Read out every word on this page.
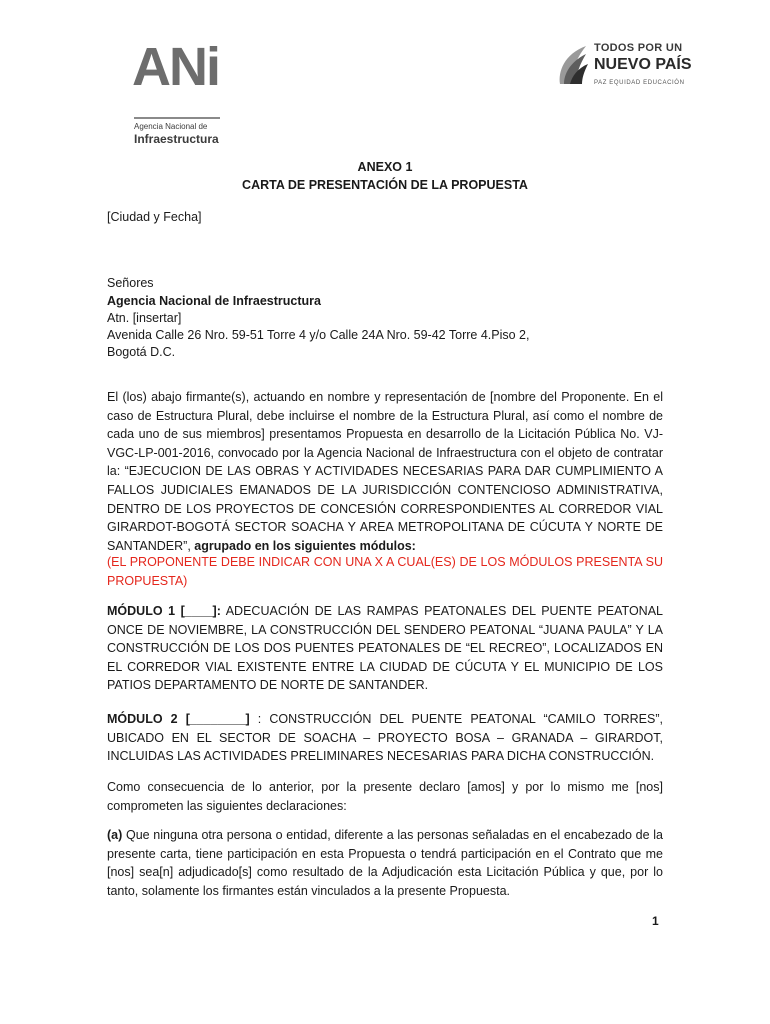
ANi
Agencia Nacional de
Infraestructura
TODOS POR UN
NUEVO PAÍS
PAZ EQUIDAD EDUCACIÓN
ANEXO 1
CARTA DE PRESENTACIÓN DE LA PROPUESTA
[Ciudad y Fecha]
Señores
Agencia Nacional de Infraestructura
Atn. [insertar]
Avenida Calle 26 Nro. 59-51 Torre 4 y/o Calle 24A Nro. 59-42 Torre 4.Piso 2,
Bogotá D.C.
El (los) abajo firmante(s), actuando en nombre y representación de [nombre del Proponente. En el caso de Estructura Plural, debe incluirse el nombre de la Estructura Plural, así como el nombre de cada uno de sus miembros] presentamos Propuesta en desarrollo de la Licitación Pública No. VJ-VGC-LP-001-2016, convocado por la Agencia Nacional de Infraestructura con el objeto de contratar la: “EJECUCION DE LAS OBRAS Y ACTIVIDADES NECESARIAS PARA DAR CUMPLIMIENTO A FALLOS JUDICIALES EMANADOS DE LA JURISDICCIÓN CONTENCIOSO ADMINISTRATIVA, DENTRO DE LOS PROYECTOS DE CONCESIÓN CORRESPONDIENTES AL CORREDOR VIAL GIRARDOT-BOGOTÁ SECTOR SOACHA Y AREA METROPOLITANA DE CÚCUTA Y NORTE DE SANTANDER”, agrupado en los siguientes módulos:
(EL PROPONENTE DEBE INDICAR CON UNA X A CUAL(ES) DE LOS MÓDULOS PRESENTA SU PROPUESTA)
MÓDULO 1 [____]: ADECUACIÓN DE LAS RAMPAS PEATONALES DEL PUENTE PEATONAL ONCE DE NOVIEMBRE, LA CONSTRUCCIÓN DEL SENDERO PEATONAL “JUANA PAULA” Y LA CONSTRUCCIÓN DE LOS DOS PUENTES PEATONALES DE “EL RECREO”, LOCALIZADOS EN EL CORREDOR VIAL EXISTENTE ENTRE LA CIUDAD DE CÚCUTA Y EL MUNICIPIO DE LOS PATIOS DEPARTAMENTO DE NORTE DE SANTANDER.
MÓDULO 2 [________] : CONSTRUCCIÓN DEL PUENTE PEATONAL “CAMILO TORRES”, UBICADO EN EL SECTOR DE SOACHA – PROYECTO BOSA – GRANADA – GIRARDOT, INCLUIDAS LAS ACTIVIDADES PRELIMINARES NECESARIAS PARA DICHA CONSTRUCCIÓN.
Como consecuencia de lo anterior, por la presente declaro [amos] y por lo mismo me [nos] comprometen las siguientes declaraciones:
(a) Que ninguna otra persona o entidad, diferente a las personas señaladas en el encabezado de la presente carta, tiene participación en esta Propuesta o tendrá participación en el Contrato que me [nos] sea[n] adjudicado[s] como resultado de la Adjudicación esta Licitación Pública y que, por lo tanto, solamente los firmantes están vinculados a la presente Propuesta.
1
